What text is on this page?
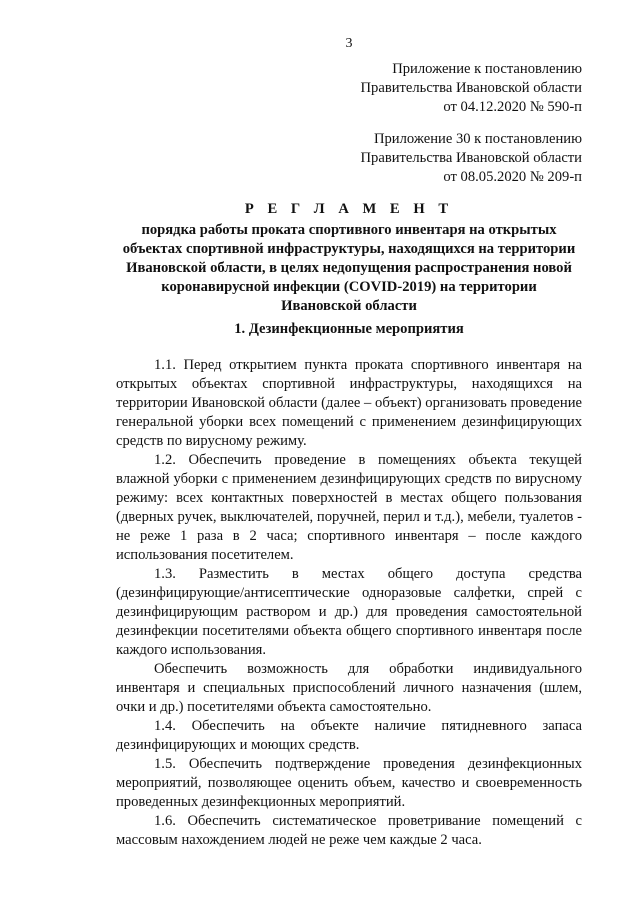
3
Приложение к постановлению
Правительства Ивановской области
от 04.12.2020 № 590-п
Приложение 30 к постановлению
Правительства Ивановской области
от 08.05.2020 № 209-п
Р Е Г Л А М Е Н Т
порядка работы проката спортивного инвентаря на открытых
объектах спортивной инфраструктуры, находящихся на территории
Ивановской области, в целях недопущения распространения новой
коронавирусной инфекции (COVID-2019) на территории
Ивановской области
1. Дезинфекционные мероприятия

1.1. Перед открытием пункта проката спортивного инвентаря на открытых объектах спортивной инфраструктуры, находящихся на территории Ивановской области (далее – объект) организовать проведение генеральной уборки всех помещений с применением дезинфицирующих средств по вирусному режиму.

1.2. Обеспечить проведение в помещениях объекта текущей влажной уборки с применением дезинфицирующих средств по вирусному режиму: всех контактных поверхностей в местах общего пользования (дверных ручек, выключателей, поручней, перил и т.д.), мебели, туалетов - не реже 1 раза в 2 часа; спортивного инвентаря – после каждого использования посетителем.

1.3. Разместить в местах общего доступа средства (дезинфицирующие/антисептические одноразовые салфетки, спрей с дезинфицирующим раствором и др.) для проведения самостоятельной дезинфекции посетителями объекта общего спортивного инвентаря после каждого использования.

Обеспечить возможность для обработки индивидуального инвентаря и специальных приспособлений личного назначения (шлем, очки и др.) посетителями объекта самостоятельно.

1.4. Обеспечить на объекте наличие пятидневного запаса дезинфицирующих и моющих средств.

1.5. Обеспечить подтверждение проведения дезинфекционных мероприятий, позволяющее оценить объем, качество и своевременность проведенных дезинфекционных мероприятий.

1.6. Обеспечить систематическое проветривание помещений с массовым нахождением людей не реже чем каждые 2 часа.
